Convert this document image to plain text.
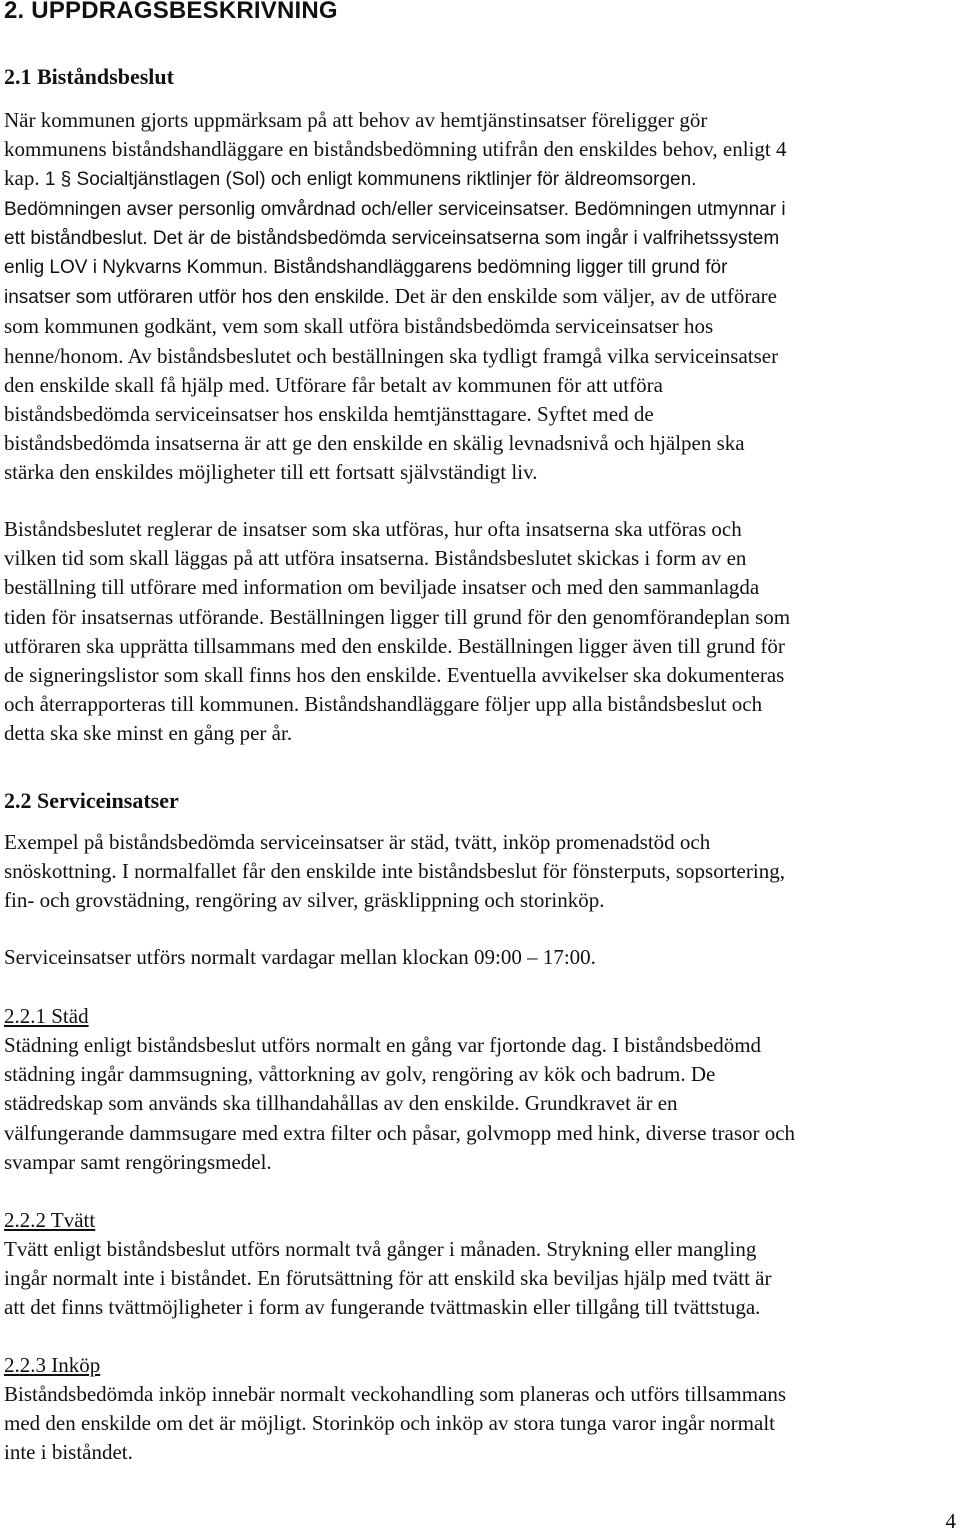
2. UPPDRAGSBESKRIVNING
2.1 Biståndsbeslut
När kommunen gjorts uppmärksam på att behov av hemtjänstinsatser föreligger gör
kommunens biståndshandläggare en biståndsbedömning utifrån den enskildes behov, enligt 4
kap. 1 § Socialtjänstlagen (Sol) och enligt kommunens riktlinjer för äldreomsorgen.
Bedömningen avser personlig omvårdnad och/eller serviceinsatser. Bedömningen utmynnar i
ett biståndbeslut. Det är de biståndsbedömda serviceinsatserna som ingår i valfrihetssystem
enlig LOV i Nykvarns Kommun. Biståndshandläggarens bedömning ligger till grund för
insatser som utföraren utför hos den enskilde. Det är den enskilde som väljer, av de utförare
som kommunen godkänt, vem som skall utföra biståndsbedömda serviceinsatser hos
henne/honom. Av biståndsbeslutet och beställningen ska tydligt framgå vilka serviceinsatser
den enskilde skall få hjälp med. Utförare får betalt av kommunen för att utföra
biståndsbedömda serviceinsatser hos enskilda hemtjänsttagare. Syftet med de
biståndsbedömda insatserna är att ge den enskilde en skälig levnadsnivå och hjälpen ska
stärka den enskildes möjligheter till ett fortsatt självständigt liv.
Biståndsbeslutet reglerar de insatser som ska utföras, hur ofta insatserna ska utföras och
vilken tid som skall läggas på att utföra insatserna. Biståndsbeslutet skickas i form av en
beställning till utförare med information om beviljade insatser och med den sammanlagda
tiden för insatsernas utförande. Beställningen ligger till grund för den genomförandeplan som
utföraren ska upprätta tillsammans med den enskilde. Beställningen ligger även till grund för
de signeringslistor som skall finns hos den enskilde. Eventuella avvikelser ska dokumenteras
och återrapporteras till kommunen. Biståndshandläggare följer upp alla biståndsbeslut och
detta ska ske minst en gång per år.
2.2 Serviceinsatser
Exempel på biståndsbedömda serviceinsatser är städ, tvätt, inköp promenadstöd och
snöskottning. I normalfallet får den enskilde inte biståndsbeslut för fönsterputs, sopsortering,
fin- och grovstädning, rengöring av silver, gräsklippning och storinköp.
Serviceinsatser utförs normalt vardagar mellan klockan 09:00 – 17:00.
2.2.1 Städ
Städning enligt biståndsbeslut utförs normalt en gång var fjortonde dag. I biståndsbedömd
städning ingår dammsugning, våttorkning av golv, rengöring av kök och badrum. De
städredskap som används ska tillhandahållas av den enskilde. Grundkravet är en
välfungerande dammsugare med extra filter och påsar, golvmopp med hink, diverse trasor och
svampar samt rengöringsmedel.
2.2.2 Tvätt
Tvätt enligt biståndsbeslut utförs normalt två gånger i månaden. Strykning eller mangling
ingår normalt inte i bistånd​et. En förutsättning för att enskild ska beviljas hjälp med tvätt är
att det finns tvättmöjligheter i form av fungerande tvättmaskin eller tillgång till tvättstuga.
2.2.3 Inköp
Biståndsbedömda inköp innebär normalt veckohandling som planeras och utförs tillsammans
med den enskilde om det är möjligt. Storinköp och inköp av stora tunga varor ingår normalt
inte i biståndet.
4
